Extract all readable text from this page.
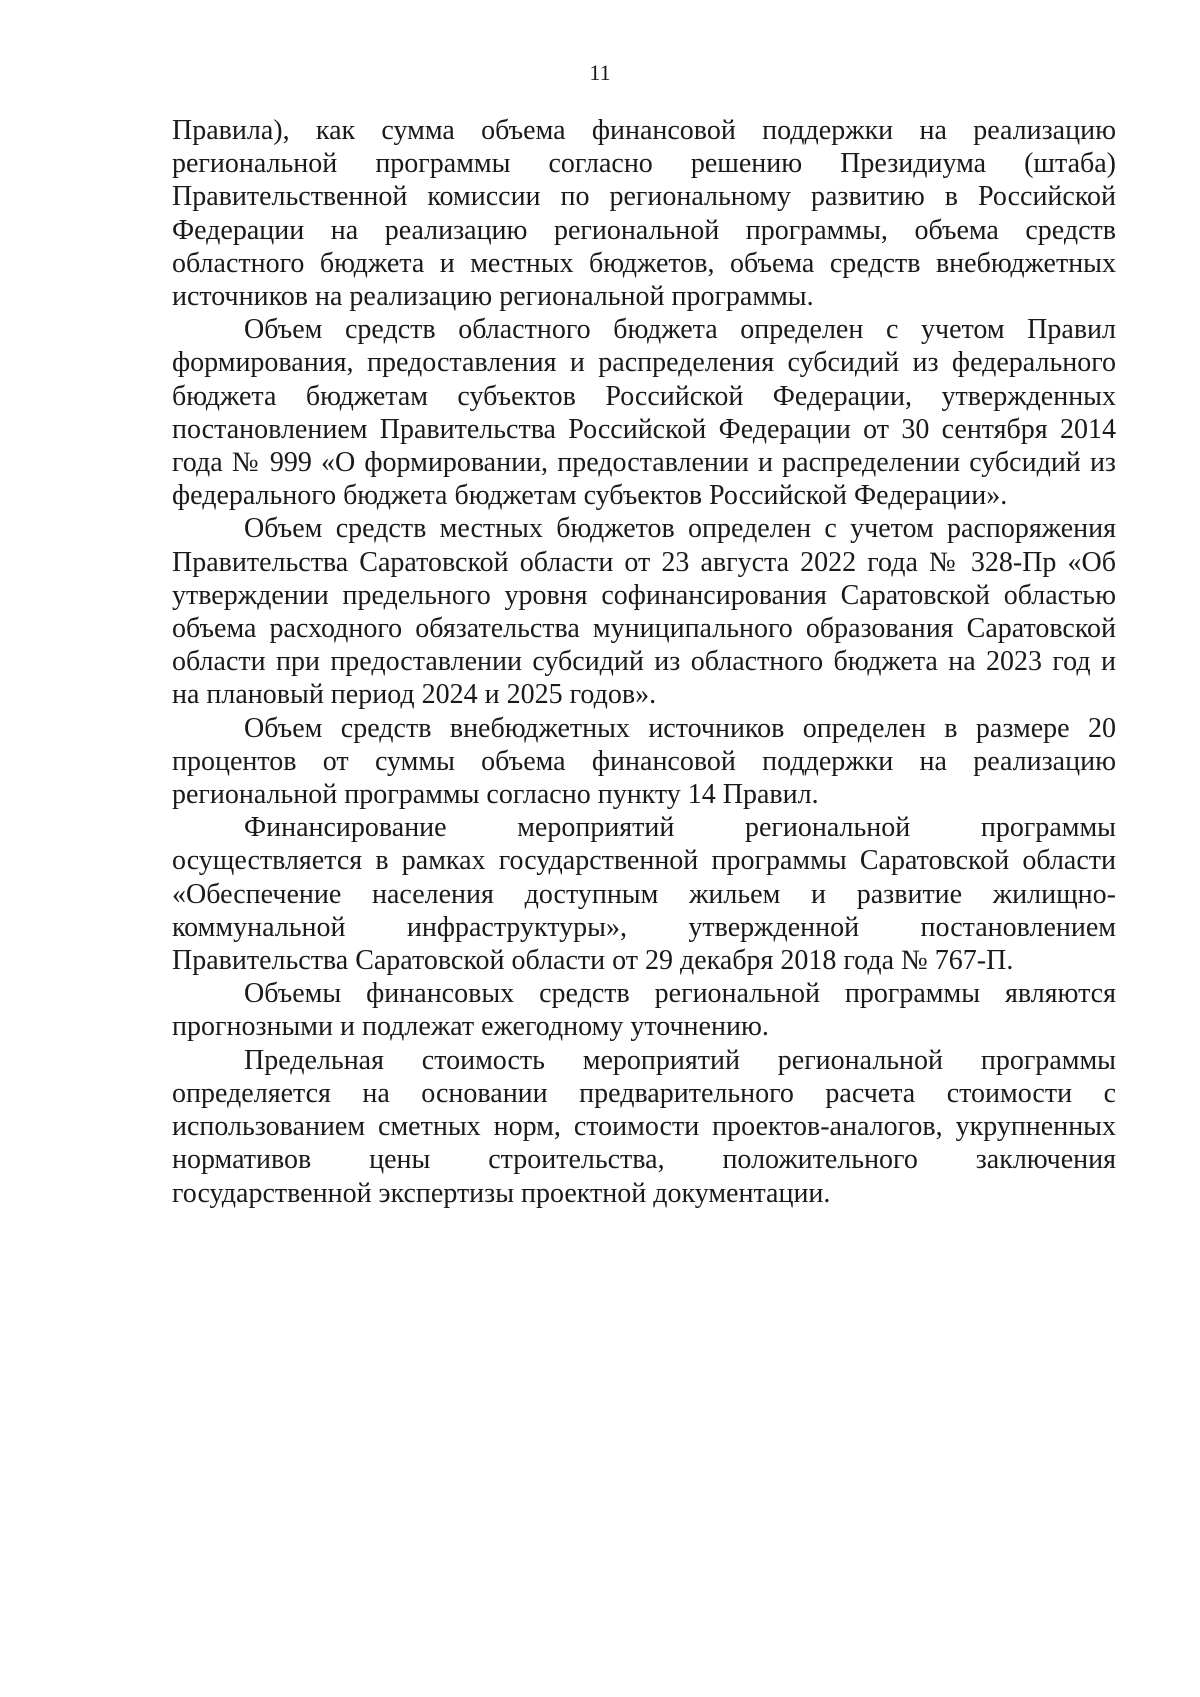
11

Правила), как сумма объема финансовой поддержки на реализацию региональной программы согласно решению Президиума (штаба) Правительственной комиссии по региональному развитию в Российской Федерации на реализацию региональной программы, объема средств областного бюджета и местных бюджетов, объема средств внебюджетных источников на реализацию региональной программы.

Объем средств областного бюджета определен с учетом Правил формирования, предоставления и распределения субсидий из федерального бюджета бюджетам субъектов Российской Федерации, утвержденных постановлением Правительства Российской Федерации от 30 сентября 2014 года № 999 «О формировании, предоставлении и распределении субсидий из федерального бюджета бюджетам субъектов Российской Федерации».

Объем средств местных бюджетов определен с учетом распоряжения Правительства Саратовской области от 23 августа 2022 года № 328-Пр «Об утверждении предельного уровня софинансирования Саратовской областью объема расходного обязательства муниципального образования Саратовской области при предоставлении субсидий из областного бюджета на 2023 год и на плановый период 2024 и 2025 годов».

Объем средств внебюджетных источников определен в размере 20 процентов от суммы объема финансовой поддержки на реализацию региональной программы согласно пункту 14 Правил.

Финансирование мероприятий региональной программы осуществляется в рамках государственной программы Саратовской области «Обеспечение населения доступным жильем и развитие жилищно-коммунальной инфраструктуры», утвержденной постановлением Правительства Саратовской области от 29 декабря 2018 года № 767-П.

Объемы финансовых средств региональной программы являются прогнозными и подлежат ежегодному уточнению.

Предельная стоимость мероприятий региональной программы определяется на основании предварительного расчета стоимости с использованием сметных норм, стоимости проектов-аналогов, укрупненных нормативов цены строительства, положительного заключения государственной экспертизы проектной документации.
